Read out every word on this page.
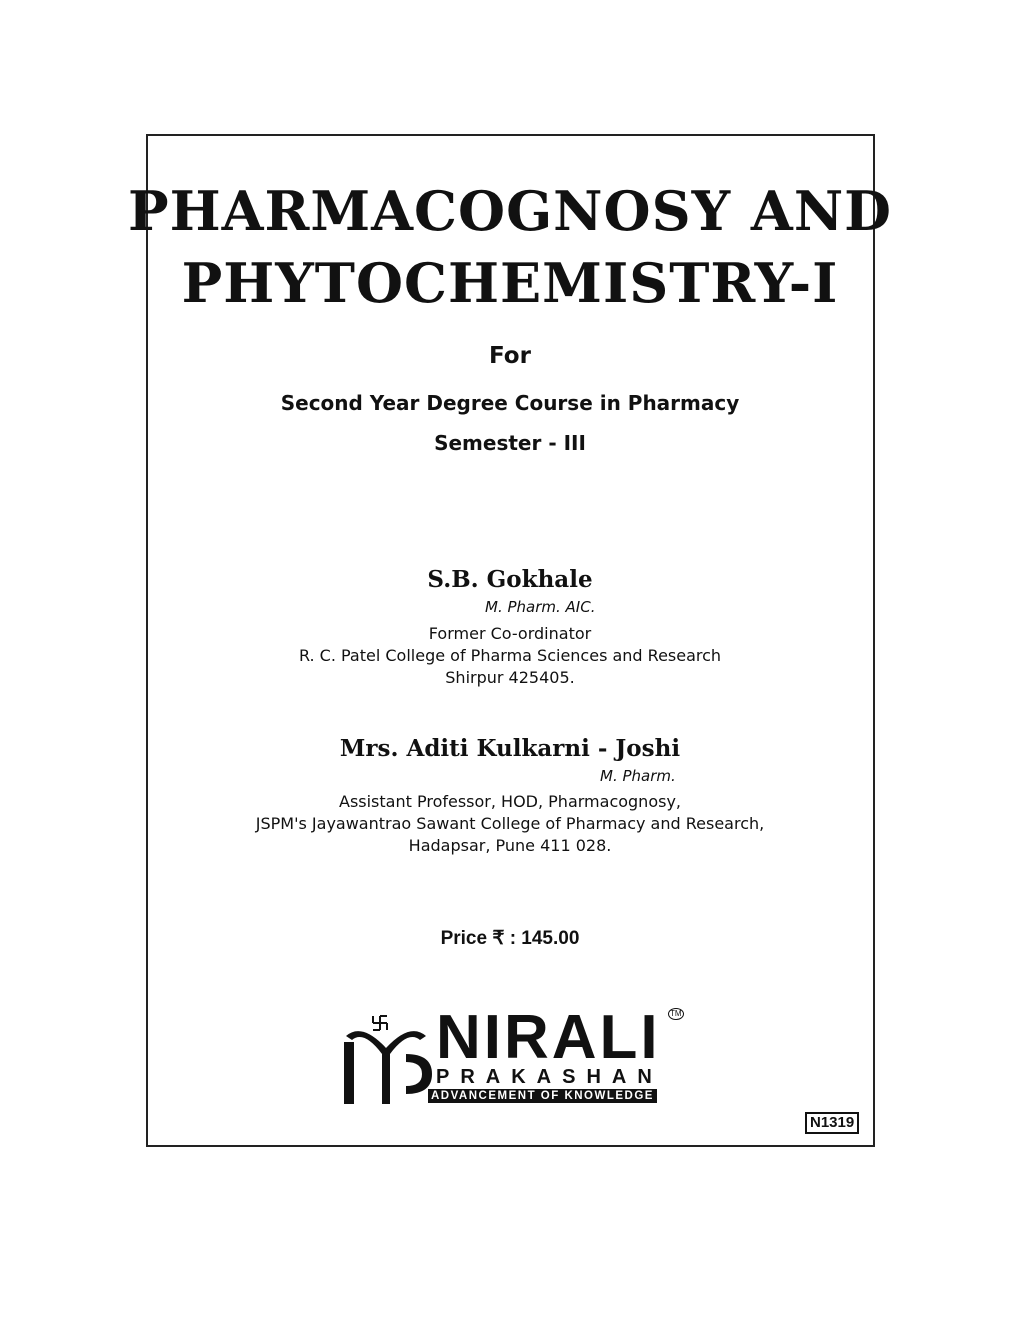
PHARMACOGNOSY AND
PHYTOCHEMISTRY-I
For
Second Year Degree Course in Pharmacy
Semester - III
S.B. Gokhale
M. Pharm. AIC.
Former Co-ordinator
R. C. Patel College of Pharma Sciences and Research
Shirpur 425405.
Mrs. Aditi Kulkarni - Joshi
M. Pharm.
Assistant Professor, HOD, Pharmacognosy,
JSPM's Jayawantrao Sawant College of Pharmacy and Research,
Hadapsar, Pune 411 028.
Price ₹ : 145.00
NIRALI TM
PRAKASHAN
ADVANCEMENT OF KNOWLEDGE
N1319
